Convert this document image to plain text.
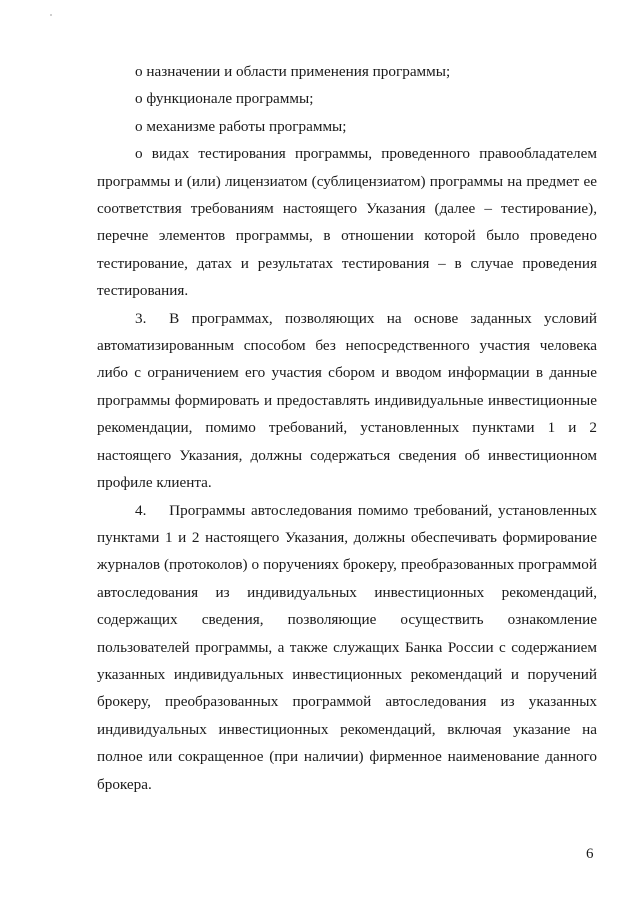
о назначении и области применения программы;

о функционале программы;

о механизме работы программы;

о видах тестирования программы, проведенного правообладателем программы и (или) лицензиатом (сублицензиатом) программы на предмет ее соответствия требованиям настоящего Указания (далее – тестирование), перечне элементов программы, в отношении которой было проведено тестирование, датах и результатах тестирования – в случае проведения тестирования.

3.  В программах, позволяющих на основе заданных условий автоматизированным способом без непосредственного участия человека либо с ограничением его участия сбором и вводом информации в данные программы формировать и предоставлять индивидуальные инвестиционные рекомендации, помимо требований, установленных пунктами 1 и 2 настоящего Указания, должны содержаться сведения об инвестиционном профиле клиента.

4.  Программы автоследования помимо требований, установленных пунктами 1 и 2 настоящего Указания, должны обеспечивать формирование журналов (протоколов) о поручениях брокеру, преобразованных программой автоследования из индивидуальных инвестиционных рекомендаций, содержащих сведения, позволяющие осуществить ознакомление пользователей программы, а также служащих Банка России с содержанием указанных индивидуальных инвестиционных рекомендаций и поручений брокеру, преобразованных программой автоследования из указанных индивидуальных инвестиционных рекомендаций, включая указание на полное или сокращенное (при наличии) фирменное наименование данного брокера.

6
